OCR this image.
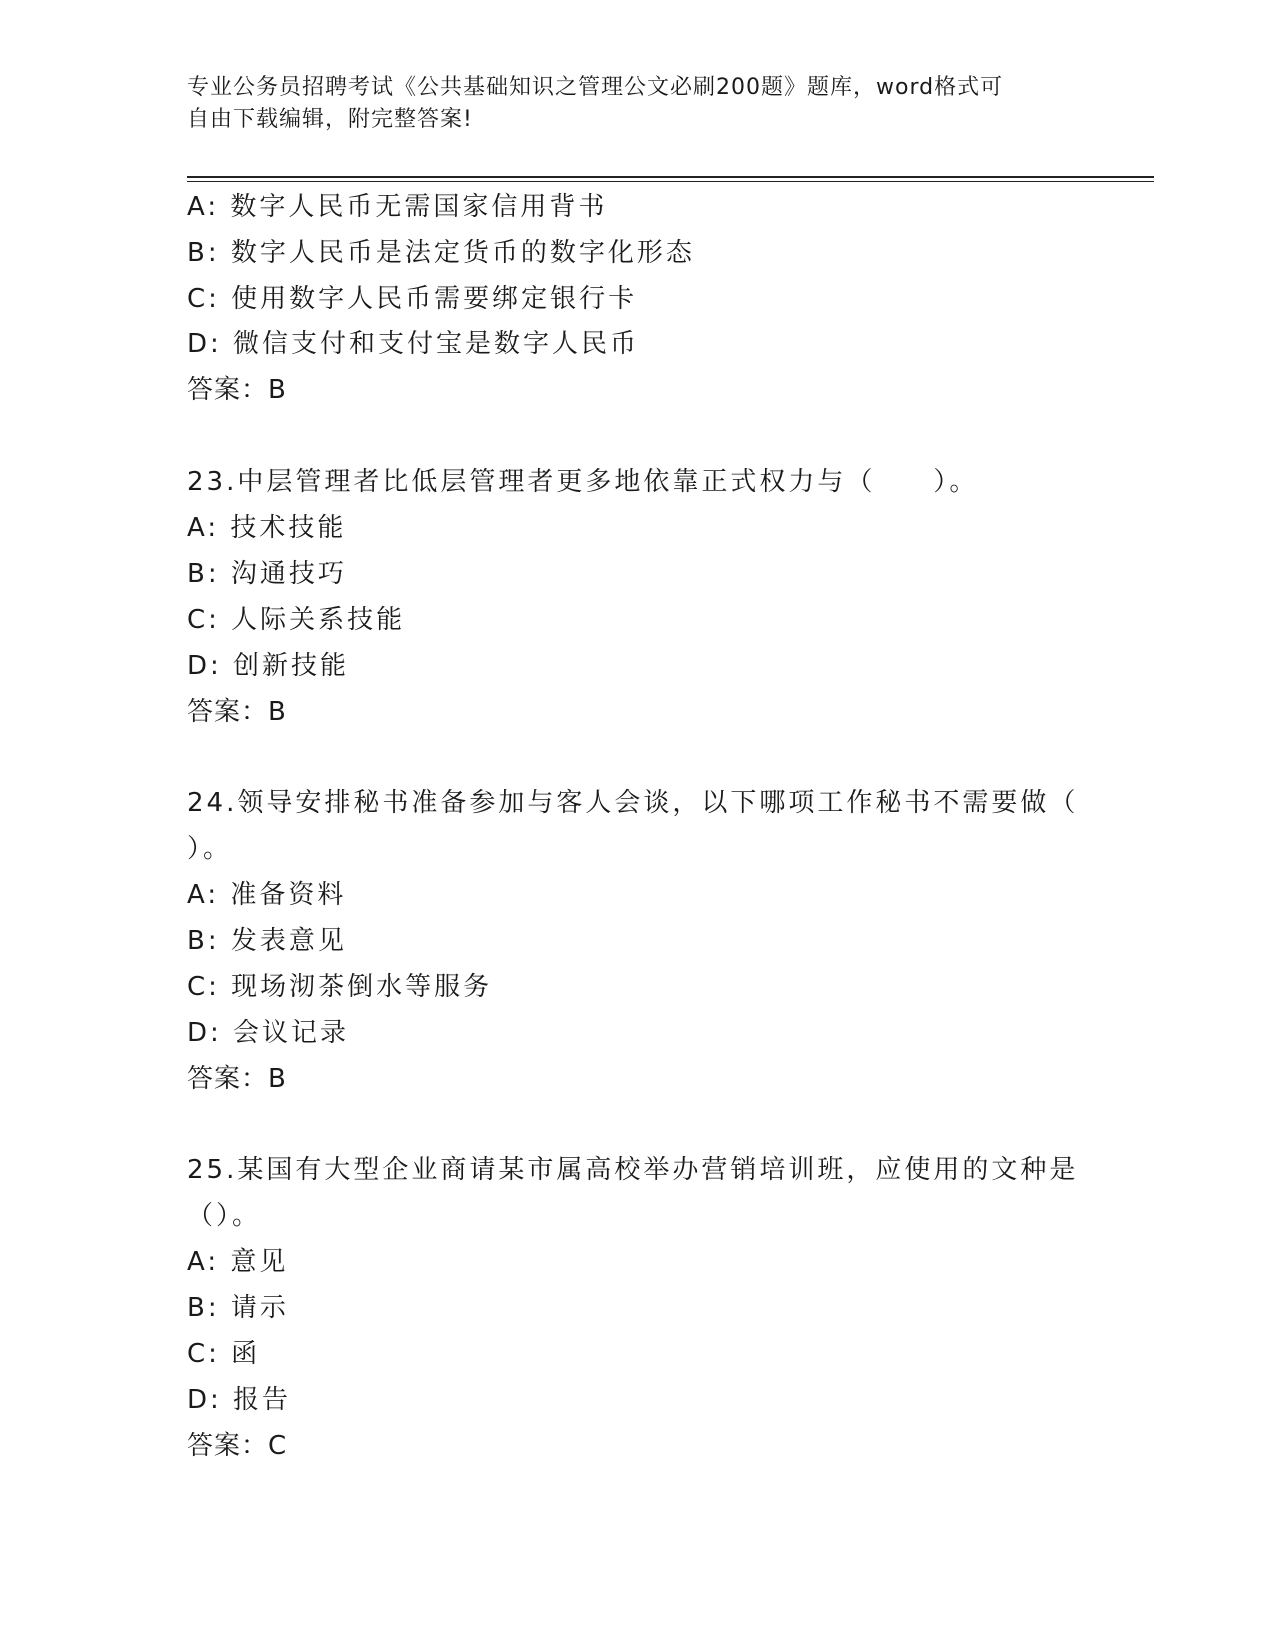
专业公务员招聘考试《公共基础知识之管理公文必刷200题》题库，word格式可
自由下载编辑，附完整答案!
A: 数字人民币无需国家信用背书
B: 数字人民币是法定货币的数字化形态
C: 使用数字人民币需要绑定银行卡
D: 微信支付和支付宝是数字人民币
答案：B
23.中层管理者比低层管理者更多地依靠正式权力与（　　）。
A: 技术技能
B: 沟通技巧
C: 人际关系技能
D: 创新技能
答案：B
24.领导安排秘书准备参加与客人会谈，以下哪项工作秘书不需要做（
）。
A: 准备资料
B: 发表意见
C: 现场沏茶倒水等服务
D: 会议记录
答案：B
25.某国有大型企业商请某市属高校举办营销培训班，应使用的文种是
（）。
A: 意见
B: 请示
C: 函
D: 报告
答案：C
